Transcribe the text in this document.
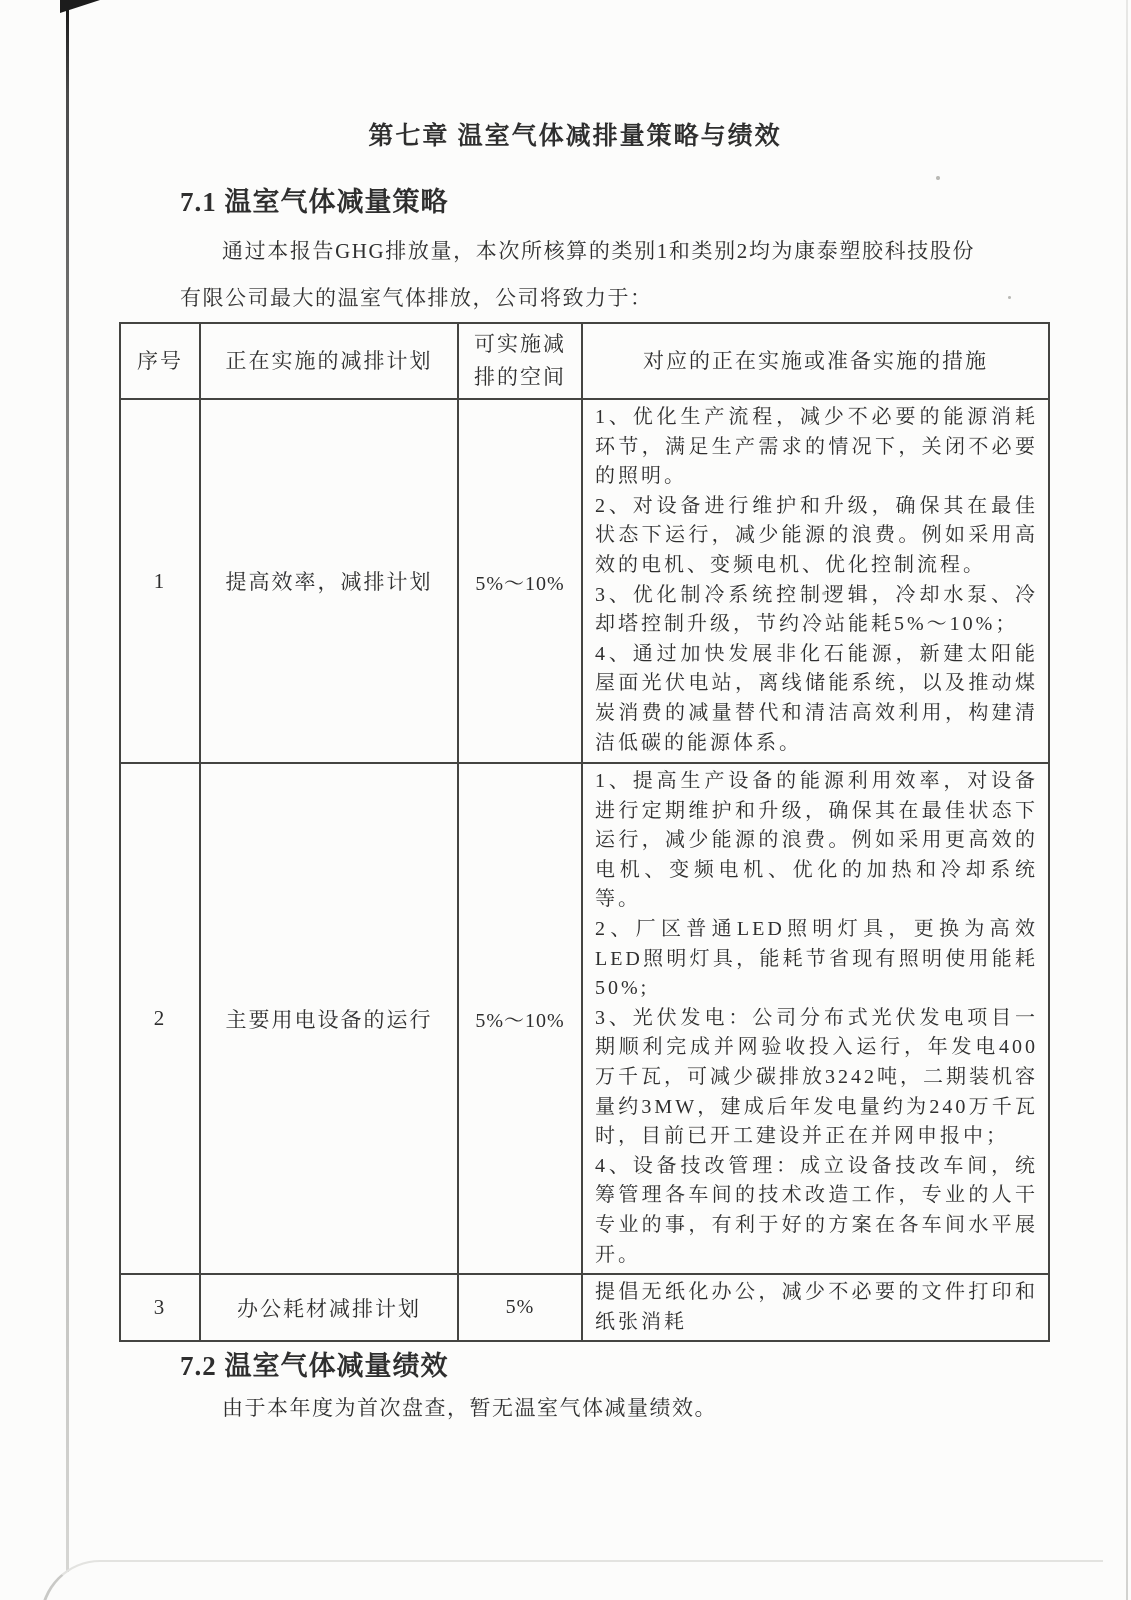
第七章 温室气体减排量策略与绩效
7.1 温室气体减量策略

通过本报告GHG排放量，本次所核算的类别1和类别2均为康泰塑胶科技股份有限公司最大的温室气体排放，公司将致力于：

序号	正在实施的减排计划	可实施减排的空间	对应的正在实施或准备实施的措施
1	提高效率，减排计划	5%～10%	1、优化生产流程，减少不必要的能源消耗环节，满足生产需求的情况下，关闭不必要的照明。
2、对设备进行维护和升级，确保其在最佳状态下运行，减少能源的浪费。例如采用高效的电机、变频电机、优化控制流程。
3、优化制冷系统控制逻辑，冷却水泵、冷却塔控制升级，节约冷站能耗5%～10%；
4、通过加快发展非化石能源，新建太阳能屋面光伏电站，离线储能系统，以及推动煤炭消费的减量替代和清洁高效利用，构建清洁低碳的能源体系。

2	主要用电设备的运行	5%～10%	1、提高生产设备的能源利用效率，对设备进行定期维护和升级，确保其在最佳状态下运行，减少能源的浪费。例如采用更高效的电机、变频电机、优化的加热和冷却系统等。
2、厂区普通LED照明灯具，更换为高效LED照明灯具，能耗节省现有照明使用能耗50%;
3、光伏发电：公司分布式光伏发电项目一期顺利完成并网验收投入运行，年发电400万千瓦，可减少碳排放3242吨，二期装机容量约3MW，建成后年发电量约为240万千瓦时，目前已开工建设并正在并网申报中；
4、设备技改管理：成立设备技改车间，统筹管理各车间的技术改造工作，专业的人干专业的事，有利于好的方案在各车间水平展开。

3	办公耗材减排计划	5%	提倡无纸化办公，减少不必要的文件打印和纸张消耗
7.2 温室气体减量绩效

由于本年度为首次盘查，暂无温室气体减量绩效。
